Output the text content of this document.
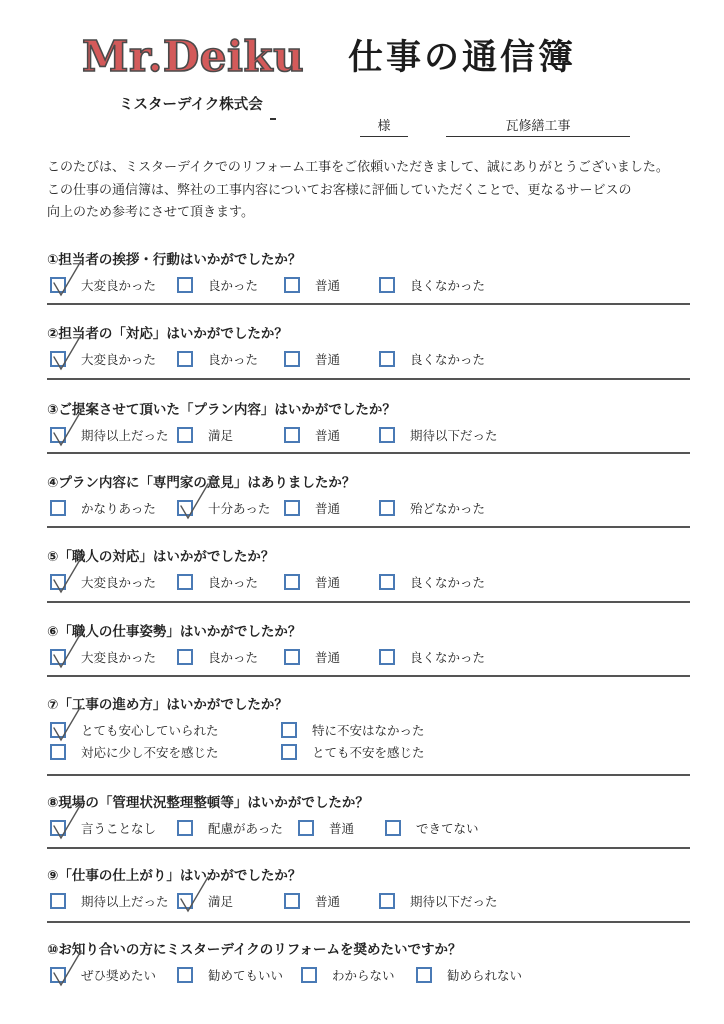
Mr.Deiku 仕事の通信簿
ミスターデイク株式会
様	瓦修繕工事

このたびは、ミスターデイクでのリフォーム工事をご依頼いただきまして、誠にありがとうございました。

この仕事の通信簿は、弊社の工事内容についてお客様に評価していただくことで、更なるサービスの

向上のため参考にさせて頂きます。

①担当者の挨拶・行動はいかがでしたか？
大変良かった	良かった	普通	良くなかった
②担当者の「対応」はいかがでしたか？
大変良かった	良かった	普通	良くなかった
③ご提案させて頂いた「プラン内容」はいかがでしたか？
期待以上だった	満足	普通	期待以下だった
④プラン内容に「専門家の意見」はありましたか？
かなりあった	十分あった	普通	殆どなかった
⑤「職人の対応」はいかがでしたか？
大変良かった	良かった	普通	良くなかった
⑥「職人の仕事姿勢」はいかがでしたか？
大変良かった	良かった	普通	良くなかった
⑦「工事の進め方」はいかがでしたか？
とても安心していられた	特に不安はなかった
対応に少し不安を感じた	とても不安を感じた
⑧現場の「管理状況整理整頓等」はいかがでしたか？
言うことなし	配慮があった	普通	できてない
⑨「仕事の仕上がり」はいかがでしたか？
期待以上だった	満足	普通	期待以下だった
⑩お知り合いの方にミスターデイクのリフォームを奨めたいですか？
ぜひ奨めたい	勧めてもいい	わからない	勧められない
